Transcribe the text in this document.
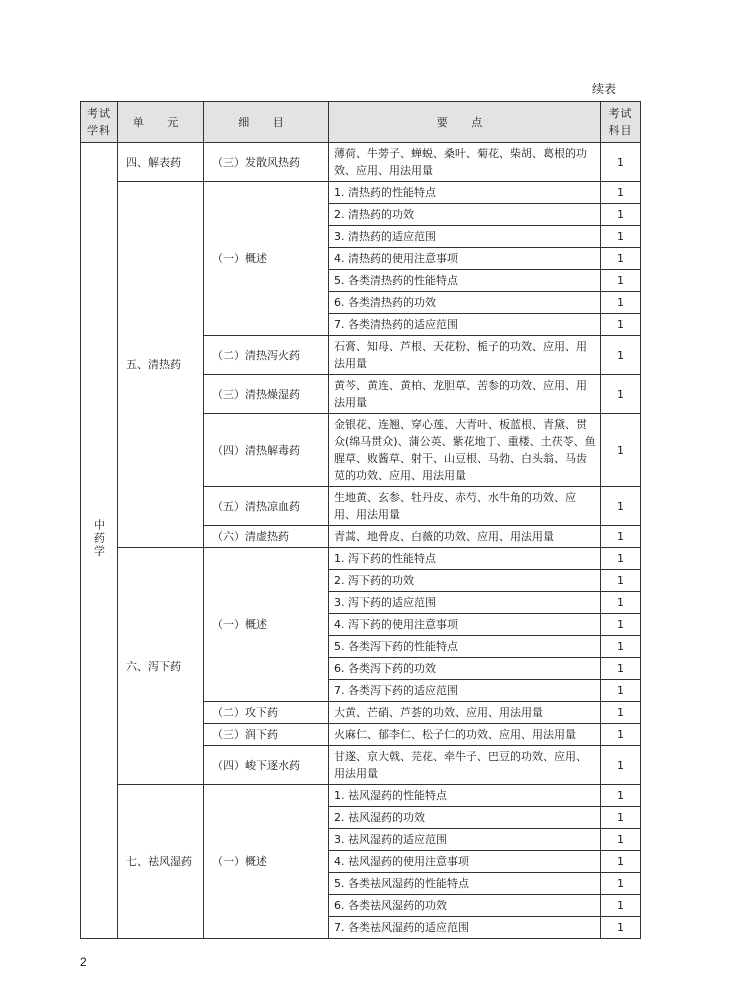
续表
考试
学科	单 元	细 目	要 点	考试
科目
中药学	四、解表药	（三）发散风热药	薄荷、牛蒡子、蝉蜕、桑叶、菊花、柴胡、葛根的功效、应用、用法用量	1
	五、清热药	（一）概述	1. 清热药的性能特点	1
			2. 清热药的功效	1
			3. 清热药的适应范围	1
			4. 清热药的使用注意事项	1
			5. 各类清热药的性能特点	1
			6. 各类清热药的功效	1
			7. 各类清热药的适应范围	1
		（二）清热泻火药	石膏、知母、芦根、天花粉、栀子的功效、应用、用法用量	1
		（三）清热燥湿药	黄芩、黄连、黄柏、龙胆草、苦参的功效、应用、用法用量	1
		（四）清热解毒药	金银花、连翘、穿心莲、大青叶、板蓝根、青黛、贯众(绵马贯众)、蒲公英、紫花地丁、重楼、土茯苓、鱼腥草、败酱草、射干、山豆根、马勃、白头翁、马齿苋的功效、应用、用法用量	1
		（五）清热凉血药	生地黄、玄参、牡丹皮、赤芍、水牛角的功效、应用、用法用量	1
		（六）清虚热药	青蒿、地骨皮、白薇的功效、应用、用法用量	1
	六、泻下药	（一）概述	1. 泻下药的性能特点	1
			2. 泻下药的功效	1
			3. 泻下药的适应范围	1
			4. 泻下药的使用注意事项	1
			5. 各类泻下药的性能特点	1
			6. 各类泻下药的功效	1
			7. 各类泻下药的适应范围	1
		（二）攻下药	大黄、芒硝、芦荟的功效、应用、用法用量	1
		（三）润下药	火麻仁、郁李仁、松子仁的功效、应用、用法用量	1
		（四）峻下逐水药	甘遂、京大戟、芫花、牵牛子、巴豆的功效、应用、用法用量	1
	七、祛风湿药	（一）概述	1. 祛风湿药的性能特点	1
			2. 祛风湿药的功效	1
			3. 祛风湿药的适应范围	1
			4. 祛风湿药的使用注意事项	1
			5. 各类祛风湿药的性能特点	1
			6. 各类祛风湿药的功效	1
			7. 各类祛风湿药的适应范围	1
2
